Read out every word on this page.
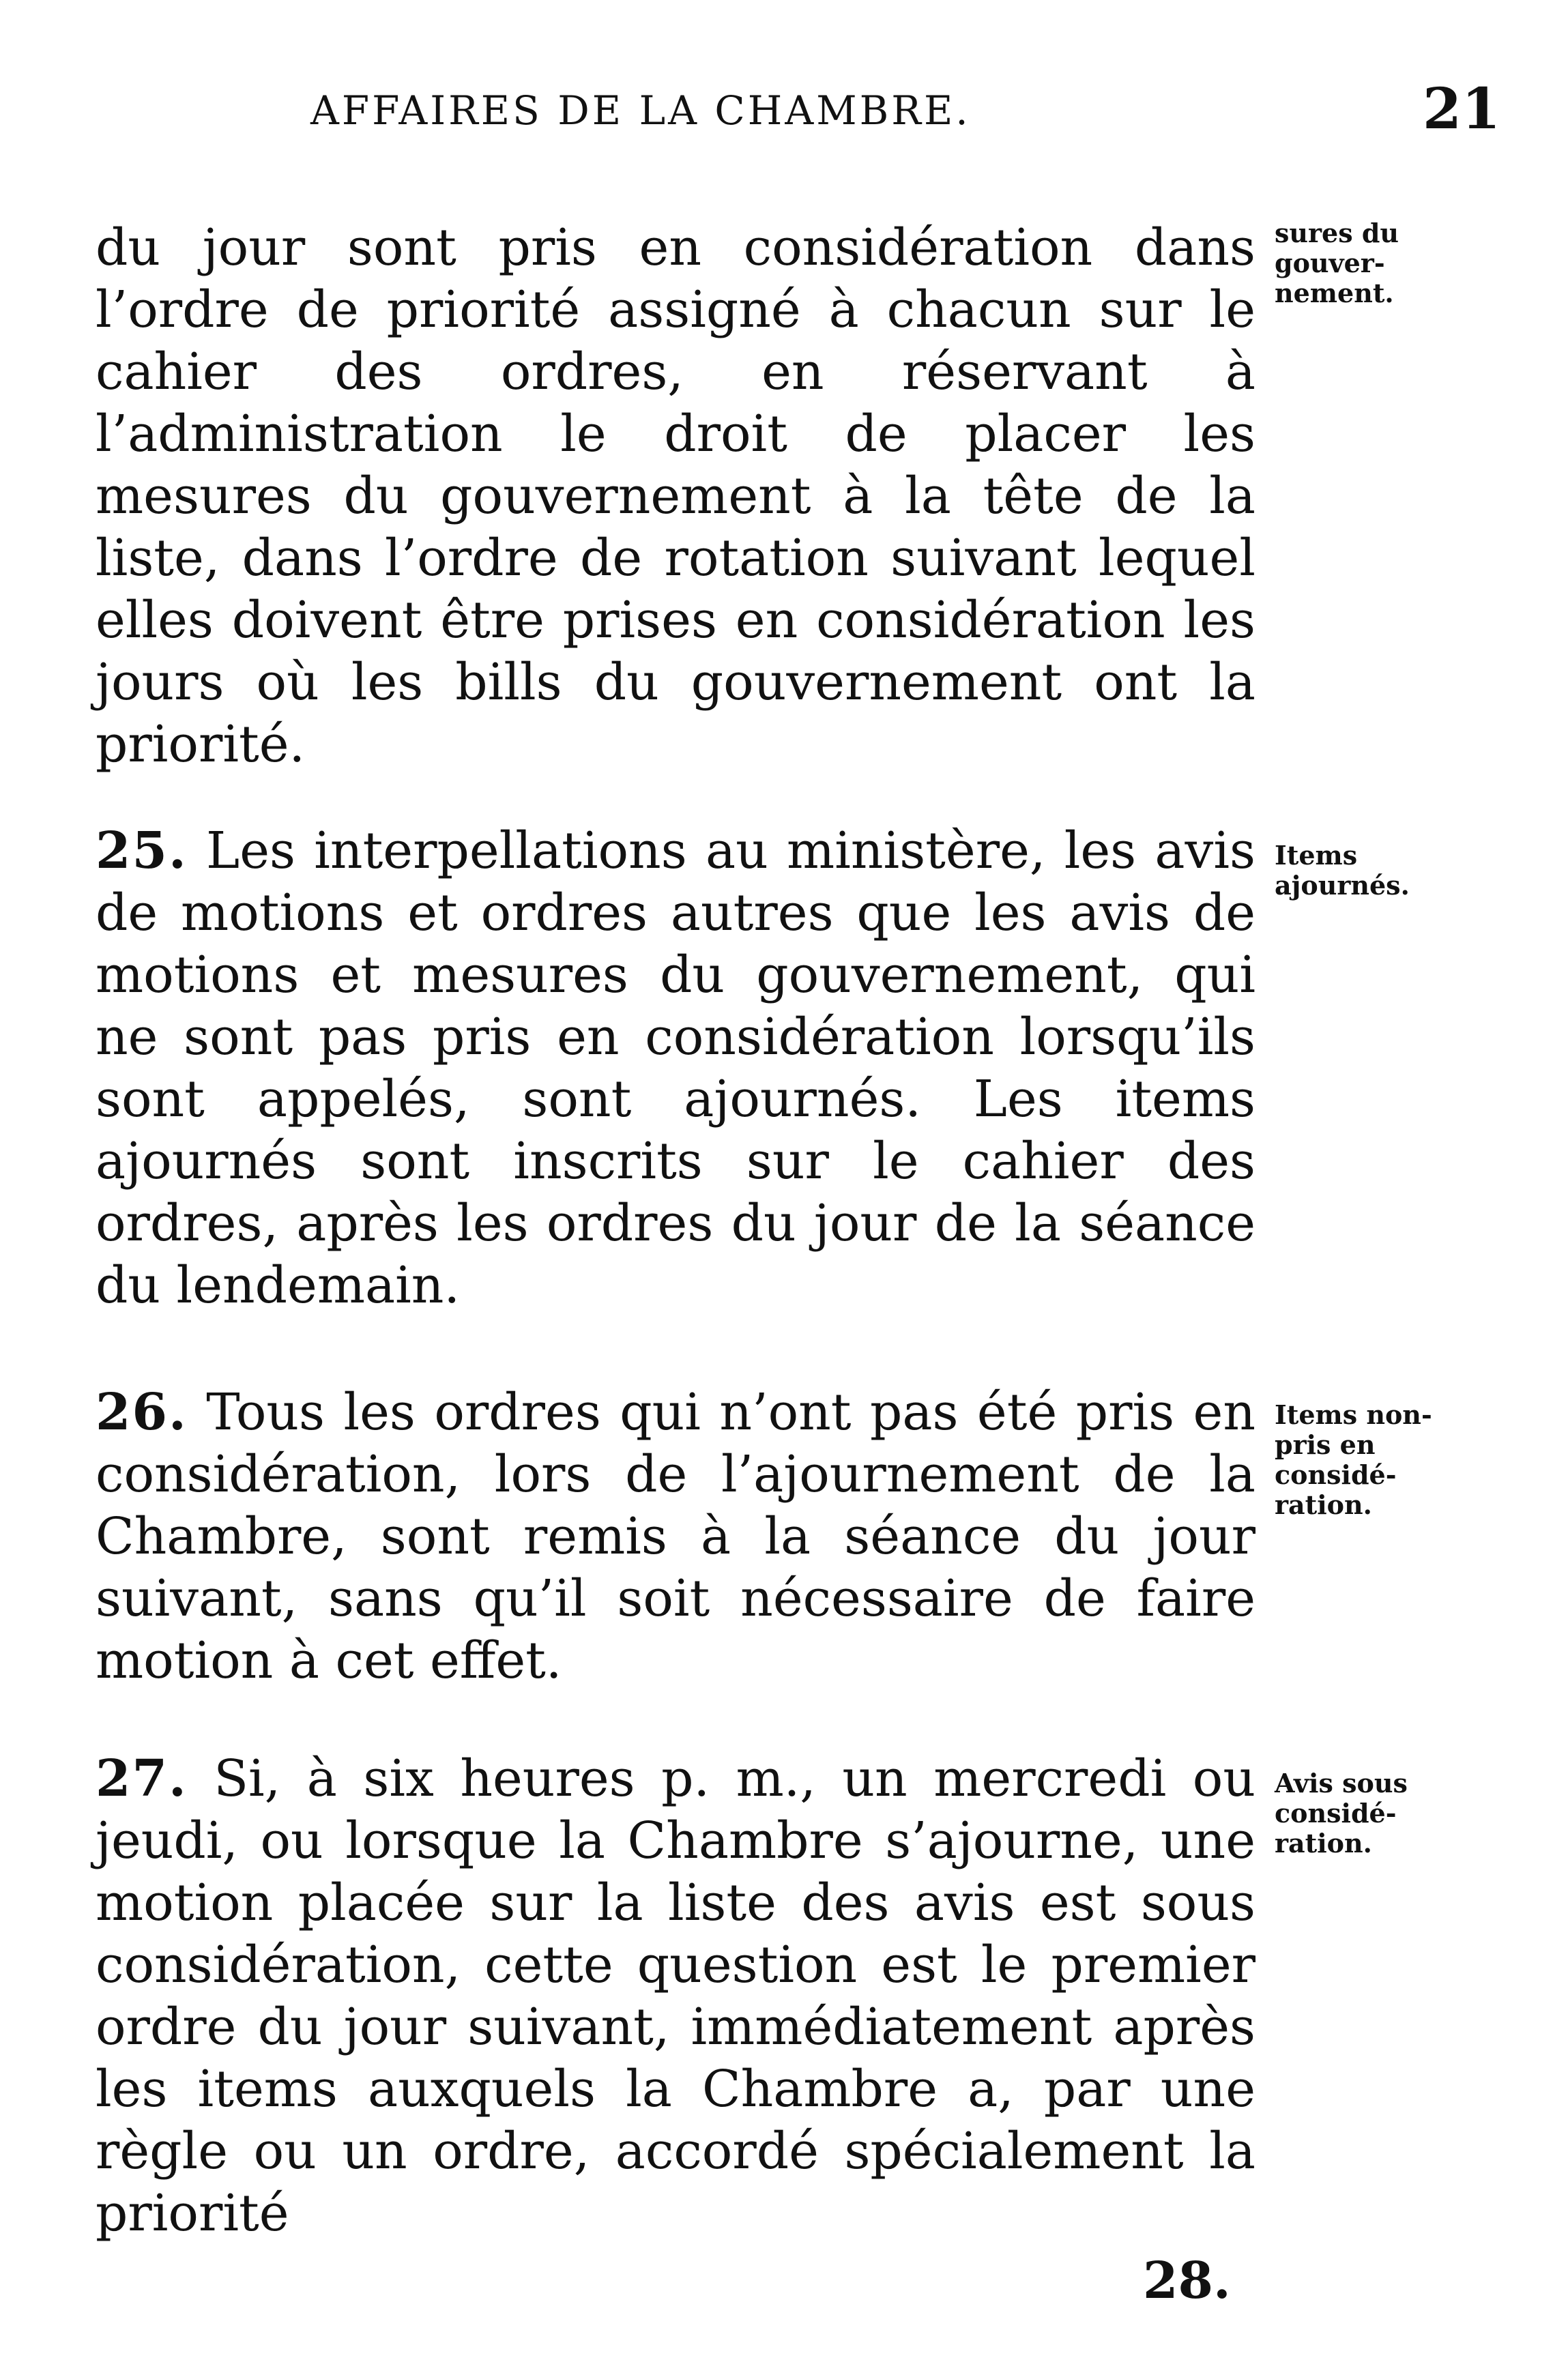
AFFAIRES DE LA CHAMBRE.	21

du jour sont pris en considération dans l’ordre de priorité assigné à chacun sur le cahier des ordres, en réservant à l’administration le droit de placer les mesures du gouvernement à la tête de la liste, dans l’ordre de rotation suivant lequel elles doivent être prises en considération les jours où les bills du gouvernement ont la priorité.

25. Les interpellations au ministère, les avis de motions et ordres autres que les avis de motions et mesures du gouvernement, qui ne sont pas pris en considération lorsqu’ils sont appelés, sont ajournés. Les items ajournés sont inscrits sur le cahier des ordres, après les ordres du jour de la séance du lendemain.

26. Tous les ordres qui n’ont pas été pris en considération, lors de l’ajournement de la Chambre, sont remis à la séance du jour suivant, sans qu’il soit nécessaire de faire motion à cet effet.

27. Si, à six heures p. m., un mercredi ou jeudi, ou lorsque la Chambre s’ajourne, une motion placée sur la liste des avis est sous considération, cette question est le premier ordre du jour suivant, immédiatement après les items auxquels la Chambre a, par une règle ou un ordre, accordé spécialement la priorité

sures du
gouver-
nement.
Items
ajournés.
Items non-
pris en
considé-
ration.
Avis sous
considé-
ration.
28.
